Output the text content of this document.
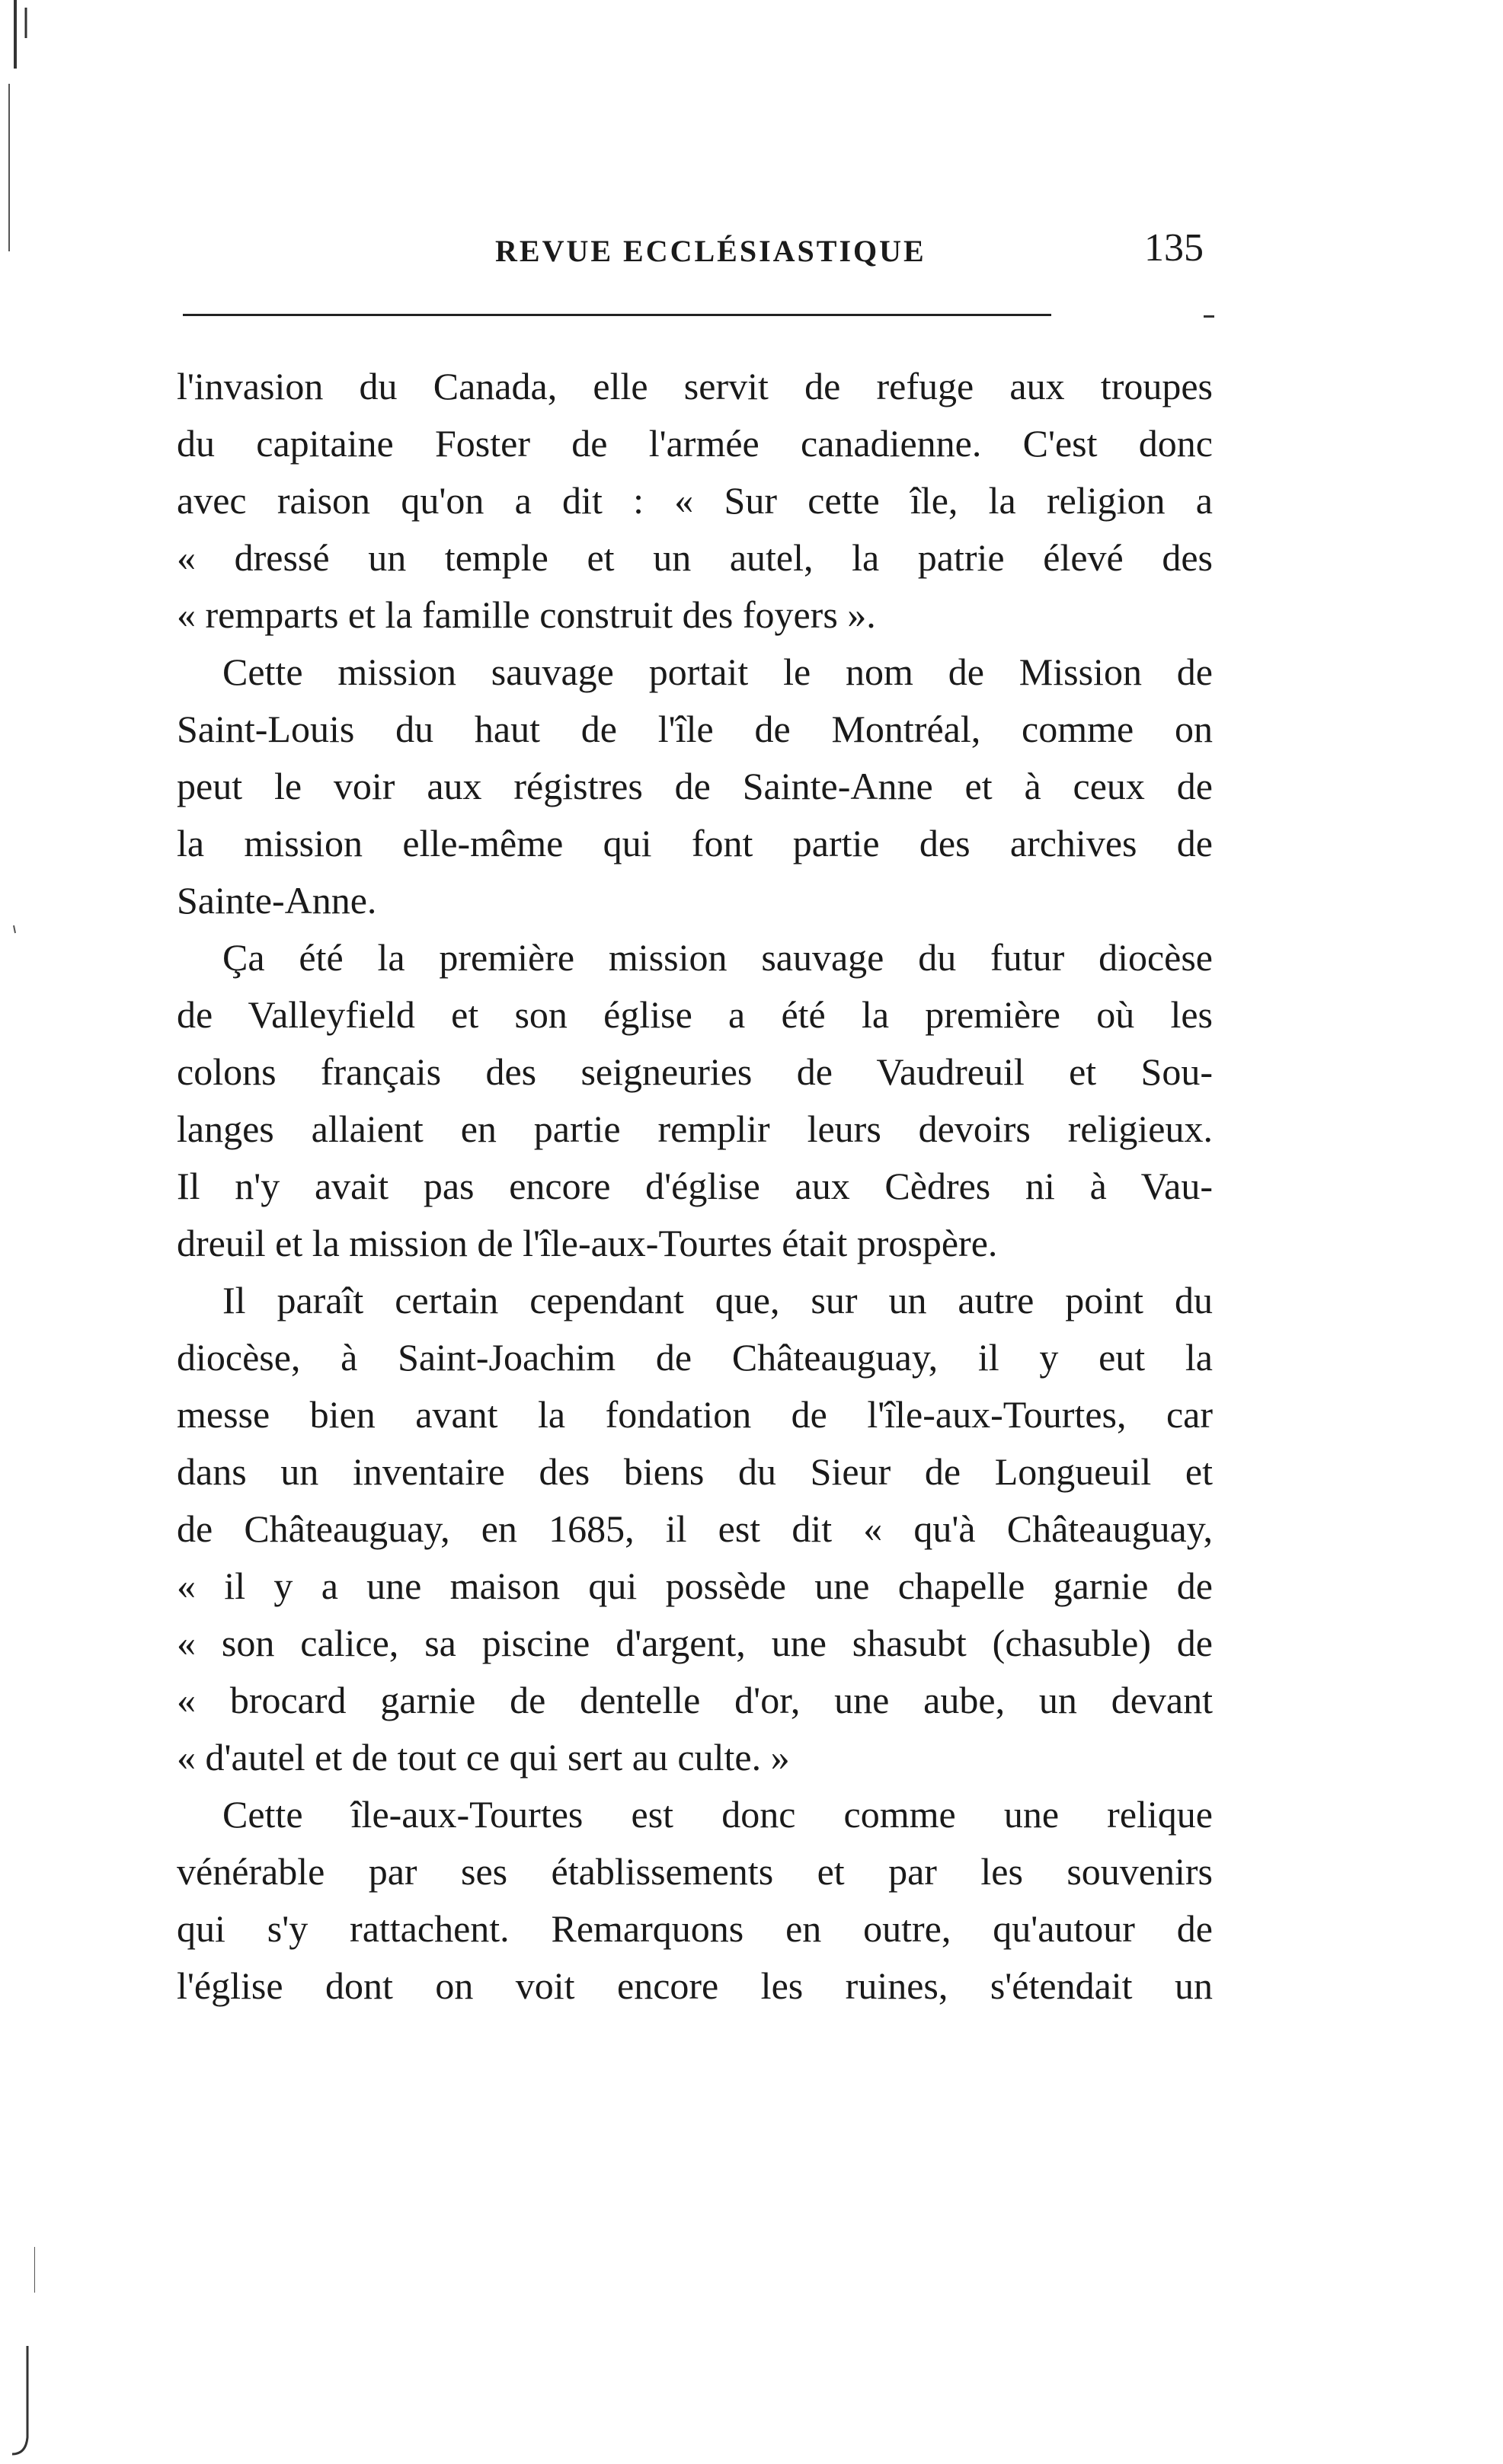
REVUE ECCLÉSIASTIQUE	135
l'invasion du Canada, elle servit de refuge aux troupes
du capitaine Foster de l'armée canadienne. C'est donc
avec raison qu'on a dit : « Sur cette île, la religion a
« dressé un temple et un autel, la patrie élevé des
« remparts et la famille construit des foyers ».
Cette mission sauvage portait le nom de Mission de
Saint-Louis du haut de l'île de Montréal, comme on
peut le voir aux régistres de Sainte-Anne et à ceux de
la mission elle-même qui font partie des archives de
Sainte-Anne.
Ça été la première mission sauvage du futur diocèse
de Valleyfield et son église a été la première où les
colons français des seigneuries de Vaudreuil et Sou-
langes allaient en partie remplir leurs devoirs religieux.
Il n'y avait pas encore d'église aux Cèdres ni à Vau-
dreuil et la mission de l'île-aux-Tourtes était prospère.
Il paraît certain cependant que, sur un autre point du
diocèse, à Saint-Joachim de Châteauguay, il y eut la
messe bien avant la fondation de l'île-aux-Tourtes, car
dans un inventaire des biens du Sieur de Longueuil et
de Châteauguay, en 1685, il est dit « qu'à Châteauguay,
« il y a une maison qui possède une chapelle garnie de
« son calice, sa piscine d'argent, une shasubt (chasuble) de
« brocard garnie de dentelle d'or, une aube, un devant
« d'autel et de tout ce qui sert au culte. »
Cette île-aux-Tourtes est donc comme une relique
vénérable par ses établissements et par les souvenirs
qui s'y rattachent. Remarquons en outre, qu'autour de
l'église dont on voit encore les ruines, s'étendait un
